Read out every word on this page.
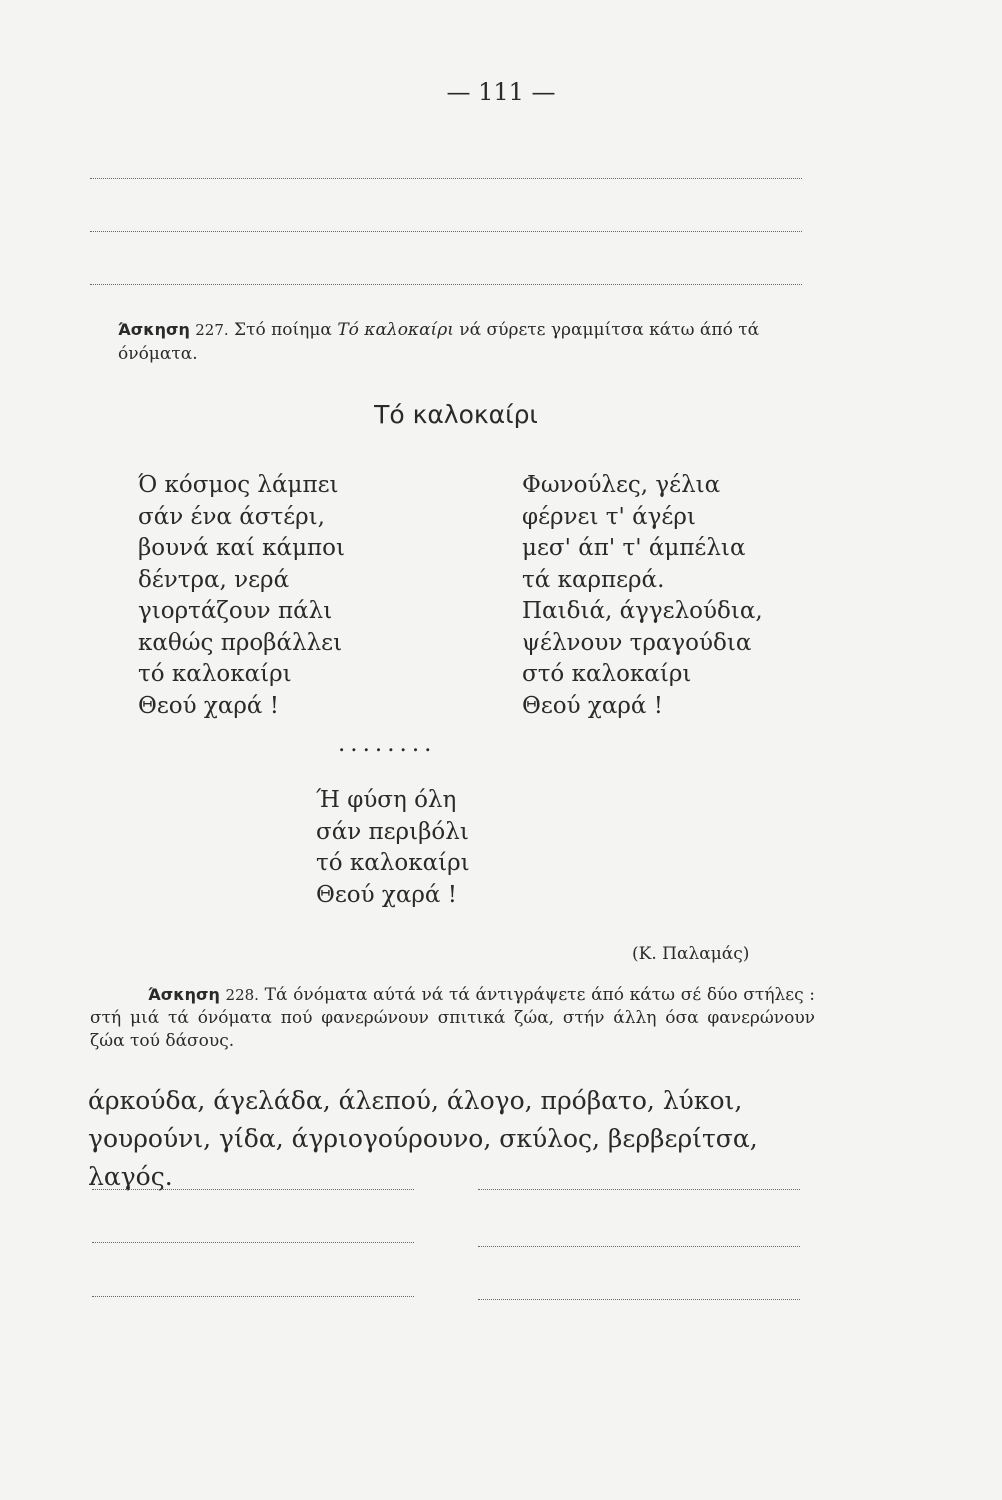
— 111 —
Άσκηση 227. Στό ποίημα Τό καλοκαίρι νά σύρετε γραμμίτσα κάτω άπό τά όνόματα.
Τό καλοκαίρι
Ό κόσμος λάμπει
σάν ένα άστέρι,
βουνά καί κάμποι
δέντρα, νερά
γιορτάζουν πάλι
καθώς προβάλλει
τό καλοκαίρι
Θεού χαρά !
........
Φωνούλες, γέλια
φέρνει τ' άγέρι
μεσ' άπ' τ' άμπέλια
τά καρπερά.
Παιδιά, άγγελούδια,
ψέλνουν τραγούδια
στό καλοκαίρι
Θεού χαρά !
Ή φύση όλη
σάν περιβόλι
τό καλοκαίρι
Θεού χαρά !
(Κ. Παλαμάς)
Άσκηση 228. Τά όνόματα αύτά νά τά άντιγράψετε άπό κάτω σέ δύο στήλες : στή μιά τά όνόματα πού φανερώνουν σπιτικά ζώα, στήν άλλη όσα φανερώνουν ζώα τού δάσους.
άρκούδα, άγελάδα, άλεπού, άλογο, πρόβατο, λύκοι, γουρούνι, γίδα, άγριογούρουνο, σκύλος, βερβερίτσα, λαγός.
